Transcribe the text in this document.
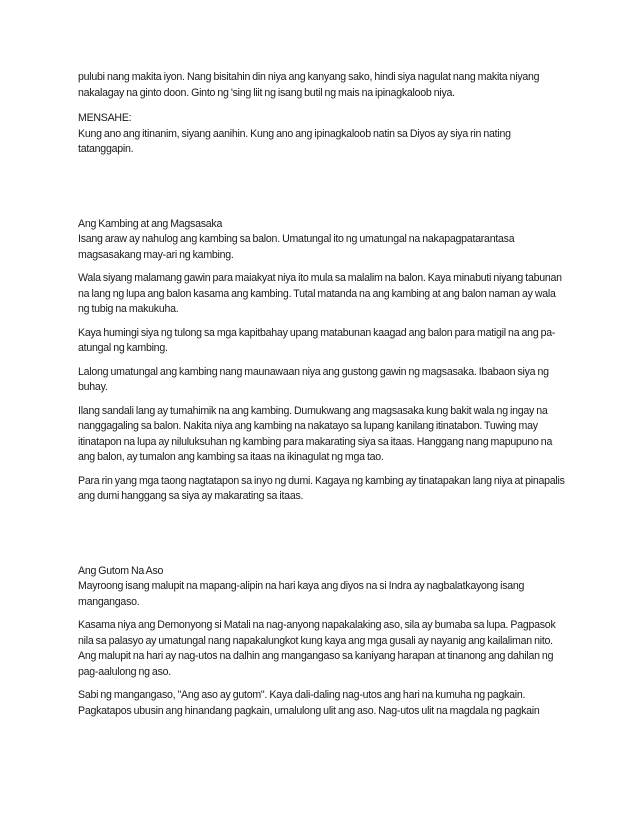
pulubi nang makita iyon. Nang bisitahin din niya ang kanyang sako, hindi siya nagulat nang makita niyang nakalagay na ginto doon. Ginto ng 'sing liit ng isang butil ng mais na ipinagkaloob niya.

MENSAHE:

Kung ano ang itinanim, siyang aanihin. Kung ano ang ipinagkaloob natin sa Diyos ay siya rin nating tatanggapin.

Ang Kambing at ang Magsasaka

Isang araw ay nahulog ang kambing sa balon. Umatungal ito ng umatungal na nakapagpatarantasa magsasakang may-ari ng kambing.

Wala siyang malamang gawin para maiakyat niya ito mula sa malalim na balon. Kaya minabuti niyang tabunan na lang ng lupa ang balon kasama ang kambing. Tutal matanda na ang kambing at ang balon naman ay wala ng tubig na makukuha.

Kaya humingi siya ng tulong sa mga kapitbahay upang matabunan kaagad ang balon para matigil na ang pa-atungal ng kambing.

Lalong umatungal ang kambing nang maunawaan niya ang gustong gawin ng magsasaka. Ibabaon siya ng buhay.

Ilang sandali lang ay tumahimik na ang kambing. Dumukwang ang magsasaka kung bakit wala ng ingay na nanggagaling sa balon. Nakita niya ang kambing na nakatayo sa lupang kanilang itinatabon. Tuwing may itinatapon na lupa ay niluluksuhan ng kambing para makarating siya sa itaas. Hanggang nang mapupuno na ang balon, ay tumalon ang kambing sa itaas na ikinagulat ng mga tao.

Para rin yang mga taong nagtatapon sa inyo ng dumi. Kagaya ng kambing ay tinatapakan lang niya at pinapalis ang dumi hanggang sa siya ay makarating sa itaas.

Ang Gutom Na Aso

Mayroong isang malupit na mapang-alipin na hari kaya ang diyos na si Indra ay nagbalatkayong isang mangangaso.

Kasama niya ang Demonyong si Matali na nag-anyong napakalaking aso, sila ay bumaba sa lupa. Pagpasok nila sa palasyo ay umatungal nang napakalungkot kung kaya ang mga gusali ay nayanig ang kailaliman nito. Ang malupit na hari ay nag-utos na dalhin ang mangangaso sa kaniyang harapan at tinanong ang dahilan ng pag-aalulong ng aso.

Sabi ng mangangaso, "Ang aso ay gutom". Kaya dali-daling nag-utos ang hari na kumuha ng pagkain. Pagkatapos ubusin ang hinandang pagkain, umalulong ulit ang aso. Nag-utos ulit na magdala ng pagkain
